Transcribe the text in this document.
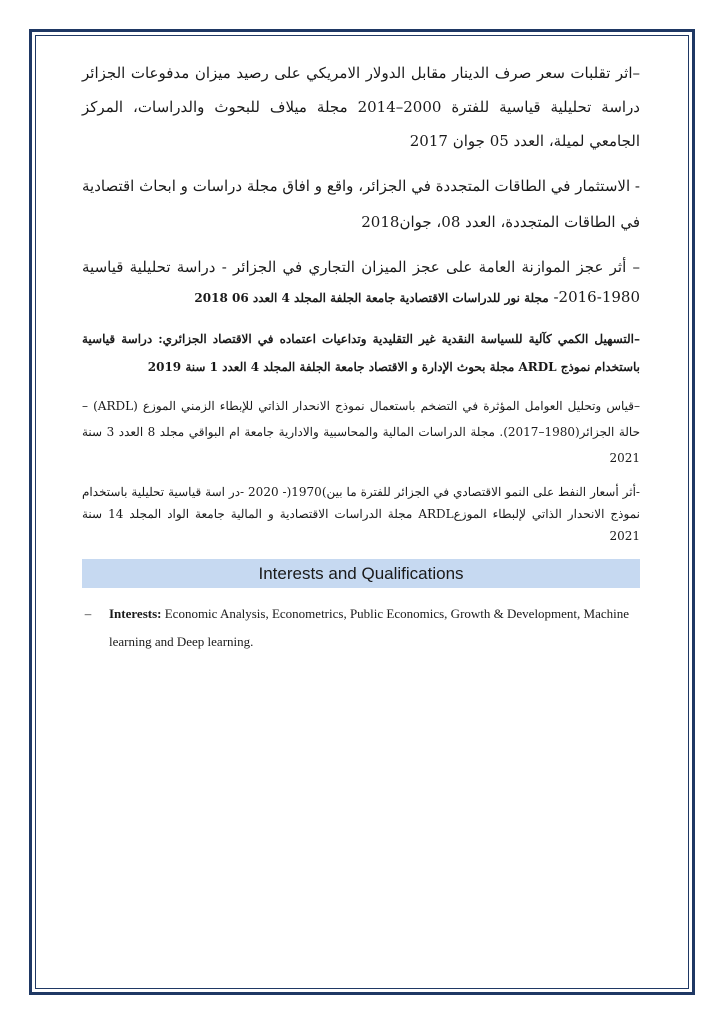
–اثر تقلبات سعر صرف الدينار مقابل الدولار الامريكي على رصيد ميزان مدفوعات الجزائر دراسة تحليلية قياسية للفترة 2000–2014 مجلة ميلاف للبحوث والدراسات، المركز الجامعي لميلة، العدد 05 جوان 2017

- الاستثمار في الطاقات المتجددة في الجزائر، واقع و افاق مجلة دراسات و ابحاث اقتصادية في الطاقات المتجددة، العدد 08، جوان2018

– أثر عجز الموازنة العامة على عجز الميزان التجاري في الجزائر - دراسة تحليلية قياسية 1980-2016- مجلة نور للدراسات الاقتصادية جامعة الجلفة المجلد 4 العدد 06 2018

–التسهيل الكمي كآلية للسياسة النقدية غير التقليدية وتداعيات اعتماده في الاقتصاد الجزائري: دراسة قياسية باستخدام نموذج ARDL مجلة بحوث الإدارة و الاقتصاد جامعة الجلفة المجلد 4 العدد 1 سنة 2019

–قياس وتحليل العوامل المؤثرة في التضخم باستعمال نموذج الانحدار الذاتي للإبطاء الزمني الموزع (ARDL) – حالة الجزائر(1980–2017). مجلة الدراسات المالية والمحاسبية والادارية جامعة ام البواقي مجلد 8 العدد 3 سنة 2021

-أثر أسعار النفط على النمو الاقتصادي في الجزائر للفترة ما بين)1970(- 2020 -در اسة قياسية تحليلية باستخدام نموذج الانحدار الذاتي لإلبطاء الموزعARDL مجلة الدراسات الاقتصادية و المالية جامعة الواد المجلد 14 سنة 2021

Interests and Qualifications
– Interests: Economic Analysis, Econometrics, Public Economics, Growth & Development, Machine learning and Deep learning.
